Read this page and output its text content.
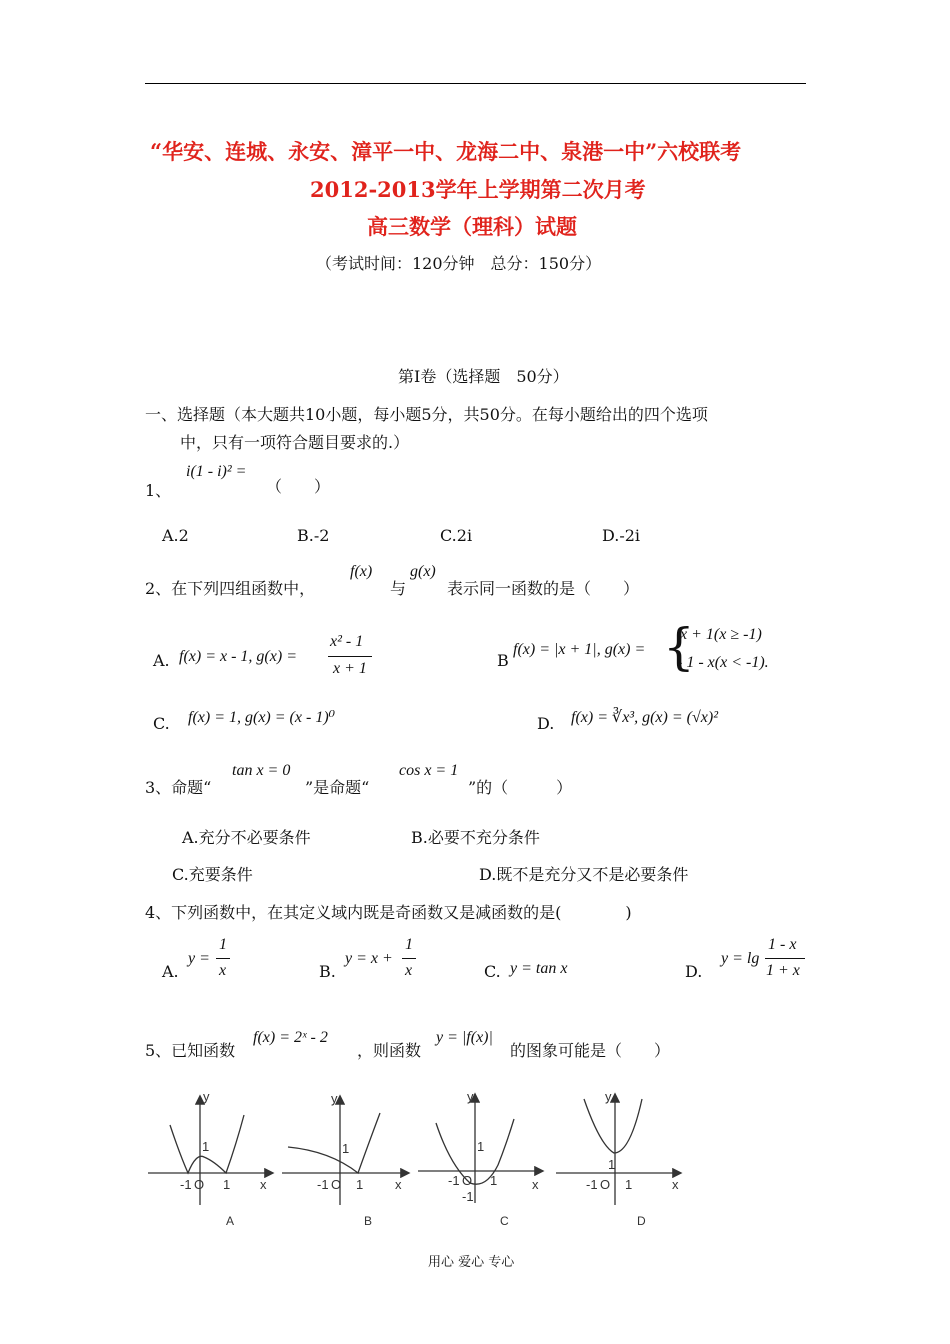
“华安、连城、永安、漳平一中、龙海二中、泉港一中”六校联考
2012-2013学年上学期第二次月考
高三数学（理科）试题
（考试时间：120分钟　总分：150分）
第Ⅰ卷（选择题　50分）
一、选择题（本大题共10小题，每小题5分，共50分。在每小题给出的四个选项
中，只有一项符合题目要求的.）
1、
i(1 - i)² =
（　　）
A.2	B.-2	C.2i	D.-2i
2、在下列四组函数中，
f(x)
与
g(x)
表示同一函数的是（　　）
A. f(x) = x - 1, g(x) =
x² - 1
x + 1	B
f(x) = |x + 1|, g(x) = {
x + 1(x ≥ -1)
- 1 - x(x < -1).
C. f(x) = 1, g(x) = (x - 1)⁰	D. f(x) = ∛x³, g(x) = (√x)²
3、命题“
tan x = 0
”是命题“
cos x = 1
”的（　　　）
A.充分不必要条件	B.必要不充分条件
C.充要条件	D.既不是充分又不是必要条件
4、下列函数中，在其定义域内既是奇函数又是减函数的是(　　　　)
A.
y =
1
x	B.
y = x +
1
x	C. y = tan x	D.
y = lg
1 - x
1 + x
5、已知函数
f(x) = 2ˣ - 2
，则函数
y = |f(x)|
的图象可能是（　　）
y
-1 O 1
1
x
A
y
-1 O 1
1
x
B
y
-1 O 1
1
-1
x
C
y
-1 O 1
1
x
D
用心 爱心 专心
